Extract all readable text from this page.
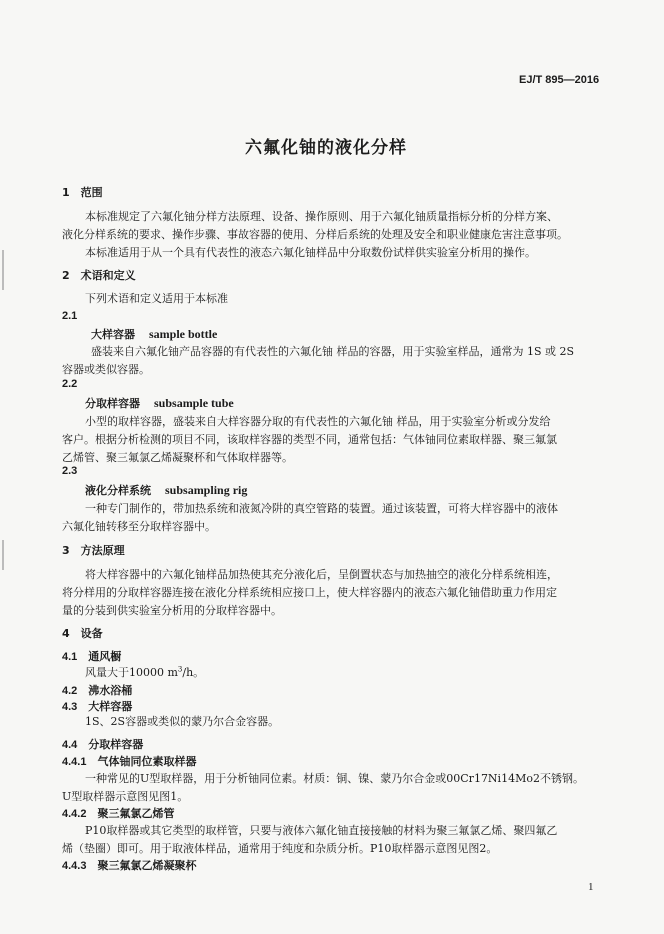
EJ/T 895—2016
六氟化铀的液化分样
1　范围
本标准规定了六氟化铀分样方法原理、设备、操作原则、用于六氟化铀质量指标分析的分样方案、
液化分样系统的要求、操作步骤、事故容器的使用、分样后系统的处理及安全和职业健康危害注意事项。
本标准适用于从一个具有代表性的液态六氟化铀样品中分取数份试样供实验室分析用的操作。
2　术语和定义
下列术语和定义适用于本标准
2.1
大样容器 sample bottle
盛装来自六氟化铀产品容器的有代表性的六氟化铀 样品的容器，用于实验室样品，通常为 1S 或 2S
容器或类似容器。
2.2
分取样容器 subsample tube
小型的取样容器，盛装来自大样容器分取的有代表性的六氟化铀 样品，用于实验室分析或分发给
客户。根据分析检测的项目不同，该取样容器的类型不同，通常包括：气体铀同位素取样器、聚三氟氯
乙烯管、聚三氟氯乙烯凝聚杯和气体取样器等。
2.3
液化分样系统 subsampling rig
一种专门制作的，带加热系统和液氮冷阱的真空管路的装置。通过该装置，可将大样容器中的液体
六氟化铀转移至分取样容器中。
3　方法原理
将大样容器中的六氟化铀样品加热使其充分液化后，呈倒置状态与加热抽空的液化分样系统相连，
将分样用的分取样容器连接在液化分样系统相应接口上，使大样容器内的液态六氟化铀借助重力作用定
量的分装到供实验室分析用的分取样容器中。
4　设备
4.1  通风橱
风量大于10000 $m^3/h$。
4.2  沸水浴桶
4.3  大样容器
1S、2S容器或类似的蒙乃尔合金容器。
4.4  分取样容器
4.4.1  气体铀同位素取样器
一种常见的U型取样器，用于分析铀同位素。材质：铜、镍、蒙乃尔合金或00Cr17Ni14Mo2不锈钢。
U型取样器示意图见图1。
4.4.2  聚三氟氯乙烯管
P10取样器或其它类型的取样管，只要与液体六氟化铀直接接触的材料为聚三氟氯乙烯、聚四氟乙
烯（垫圈）即可。用于取液体样品，通常用于纯度和杂质分析。P10取样器示意图见图2。
4.4.3  聚三氟氯乙烯凝聚杯
1
